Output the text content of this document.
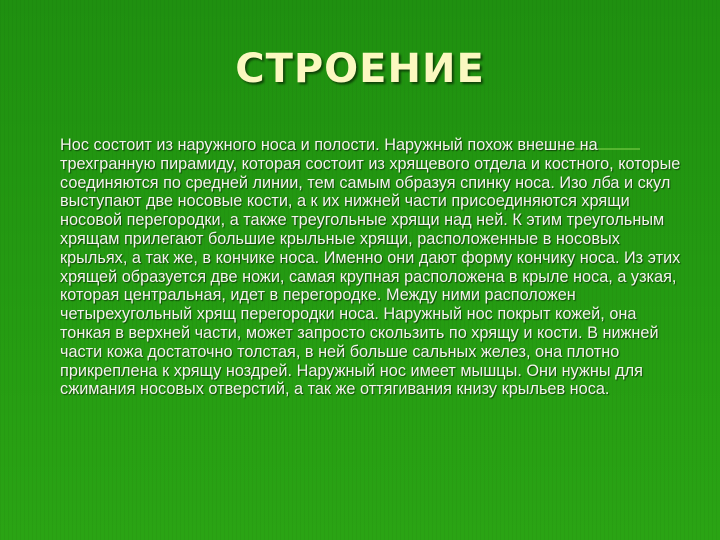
СТРОЕНИЕ

Нос состоит из наружного носа и полости. Наружный похож внешне на трехгранную пирамиду, которая состоит из хрящевого отдела и костного, которые соединяются по средней линии, тем самым образуя спинку носа. Изо лба и скул выступают две носовые кости, а к их нижней части присоединяются хрящи носовой перегородки, а также треугольные хрящи над ней. К этим треугольным хрящам прилегают большие крыльные хрящи, расположенные в носовых крыльях, а так же, в кончике носа. Именно они дают форму кончику носа. Из этих хрящей образуется две ножи, самая крупная расположена в крыле носа, а узкая, которая центральная, идет в перегородке. Между ними расположен четырехугольный хрящ перегородки носа. Наружный нос покрыт кожей, она тонкая в верхней части, может запросто скользить по хрящу и кости. В нижней части кожа достаточно толстая, в ней больше сальных желез, она плотно прикреплена к хрящу ноздрей. Наружный нос имеет мышцы. Они нужны для сжимания носовых отверстий, а так же оттягивания книзу крыльев носа.
